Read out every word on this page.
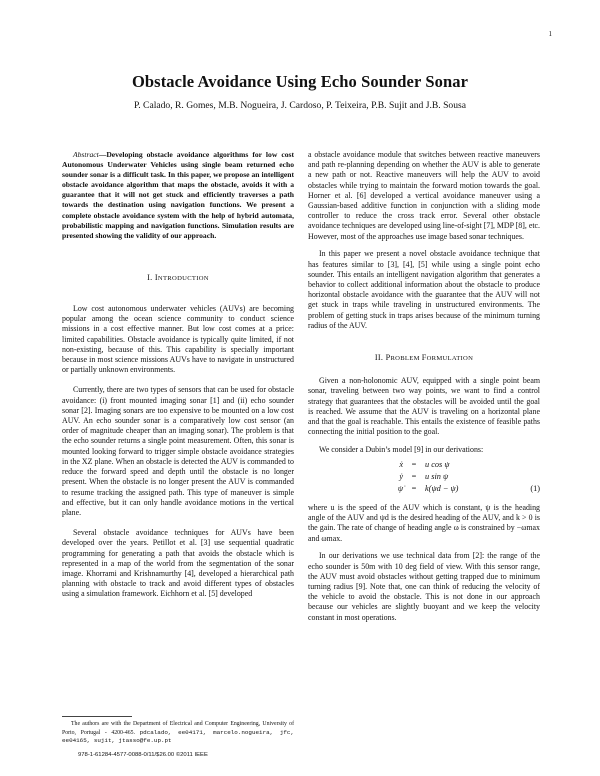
1
Obstacle Avoidance Using Echo Sounder Sonar
P. Calado, R. Gomes, M.B. Nogueira, J. Cardoso, P. Teixeira, P.B. Sujit and J.B. Sousa

Abstract—Developing obstacle avoidance algorithms for low cost Autonomous Underwater Vehicles using single beam returned echo sounder sonar is a difficult task. In this paper, we propose an intelligent obstacle avoidance algorithm that maps the obstacle, avoids it with a guarantee that it will not get stuck and efficiently traverses a path towards the destination using navigation functions. We present a complete obstacle avoidance system with the help of hybrid automata, probabilistic mapping and navigation functions. Simulation results are presented showing the validity of our approach.

I. INTRODUCTION

Low cost autonomous underwater vehicles (AUVs) are becoming popular among the ocean science community to conduct science missions in a cost effective manner. But low cost comes at a price: limited capabilities. Obstacle avoidance is typically quite limited, if not non-existing, because of this. This capability is specially important because in most science missions AUVs have to navigate in unstructured or partially unknown environments.

Currently, there are two types of sensors that can be used for obstacle avoidance: (i) front mounted imaging sonar [1] and (ii) echo sounder sonar [2]. Imaging sonars are too expensive to be mounted on a low cost AUV. An echo sounder sonar is a comparatively low cost sensor (an order of magnitude cheaper than an imaging sonar). The problem is that the echo sounder returns a single point measurement. Often, this sonar is mounted looking forward to trigger simple obstacle avoidance strategies in the XZ plane. When an obstacle is detected the AUV is commanded to reduce the forward speed and depth until the obstacle is no longer present. When the obstacle is no longer present the AUV is commanded to resume tracking the assigned path. This type of maneuver is simple and effective, but it can only handle avoidance motions in the vertical plane.

Several obstacle avoidance techniques for AUVs have been developed over the years. Petillot et al. [3] use sequential quadratic programming for generating a path that avoids the obstacle which is represented in a map of the world from the segmentation of the sonar image. Khorrami and Krishnamurthy [4], developed a hierarchical path planning with obstacle to track and avoid different types of obstacles using a simulation framework. Eichhorn et al. [5] developed

a obstacle avoidance module that switches between reactive maneuvers and path re-planning depending on whether the AUV is able to generate a new path or not. Reactive maneuvers will help the AUV to avoid obstacles while trying to maintain the forward motion towards the goal. Horner et al. [6] developed a vertical avoidance maneuver using a Gaussian-based additive function in conjunction with a sliding mode controller to reduce the cross track error. Several other obstacle avoidance techniques are developed using line-of-sight [7], MDP [8], etc. However, most of the approaches use image based sonar techniques.

In this paper we present a novel obstacle avoidance technique that has features similar to [3], [4], [5] while using a single point echo sounder. This entails an intelligent navigation algorithm that generates a behavior to collect additional information about the obstacle to produce horizontal obstacle avoidance with the guarantee that the AUV will not get stuck in traps while traveling in unstructured environments. The problem of getting stuck in traps arises because of the minimum turning radius of the AUV.

II. PROBLEM FORMULATION

Given a non-holonomic AUV, equipped with a single point beam sonar, traveling between two way points, we want to find a control strategy that guarantees that the obstacles will be avoided until the goal is reached. We assume that the AUV is traveling on a horizontal plane and that the goal is reachable. This entails the existence of feasible paths connecting the initial position to the goal.

We consider a Dubin’s model [9] in our derivations:

ẋ	=	u cos ψ
ẏ	=	u sin ψ
ψ̇	=	k(ψd − ψ)	(1)

where u is the speed of the AUV which is constant, ψ is the heading angle of the AUV and ψd is the desired heading of the AUV, and k > 0 is the gain. The rate of change of heading angle ω is constrained by −ωmax and ωmax.

In our derivations we use technical data from [2]: the range of the echo sounder is 50m with 10 deg field of view. With this sensor range, the AUV must avoid obstacles without getting trapped due to minimum turning radius [9]. Note that, one can think of reducing the velocity of the vehicle to avoid the obstacle. This is not done in our approach because our vehicles are slightly buoyant and we keep the velocity constant in most operations.

The authors are with the Department of Electrical and Computer Engineering, University of Porto, Portugal - 4200-465. pdcalado, ee04171, marcelo.nogueira, jfc, ee04165, sujit, jtasso@fe.up.pt
978-1-61284-4577-0088-0/11/$26.00 ©2011 IEEE
